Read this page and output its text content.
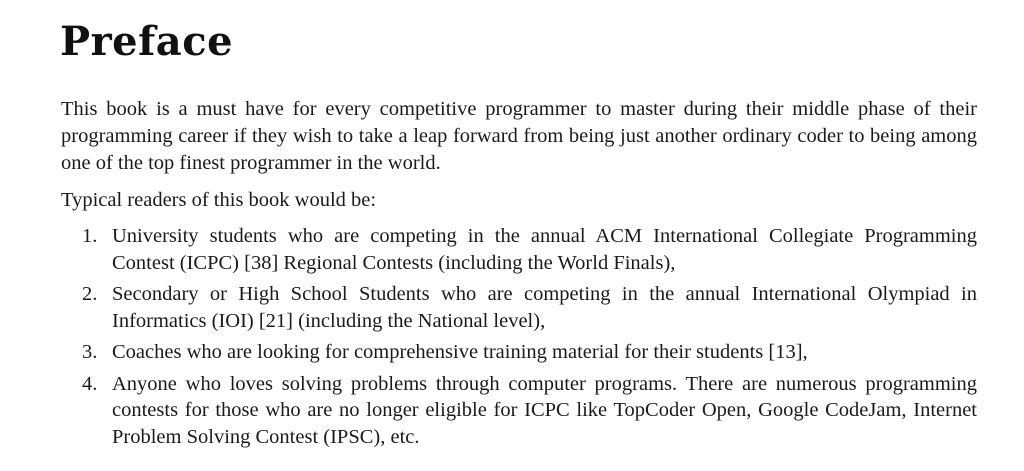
Preface

This book is a must have for every competitive programmer to master during their middle phase of their programming career if they wish to take a leap forward from being just another ordinary coder to being among one of the top finest programmer in the world.

Typical readers of this book would be:

1. University students who are competing in the annual ACM International Collegiate Programming Contest (ICPC) [38] Regional Contests (including the World Finals),
2. Secondary or High School Students who are competing in the annual International Olympiad in Informatics (IOI) [21] (including the National level),
3. Coaches who are looking for comprehensive training material for their students [13],
4. Anyone who loves solving problems through computer programs. There are numerous programming contests for those who are no longer eligible for ICPC like TopCoder Open, Google CodeJam, Internet Problem Solving Contest (IPSC), etc.
